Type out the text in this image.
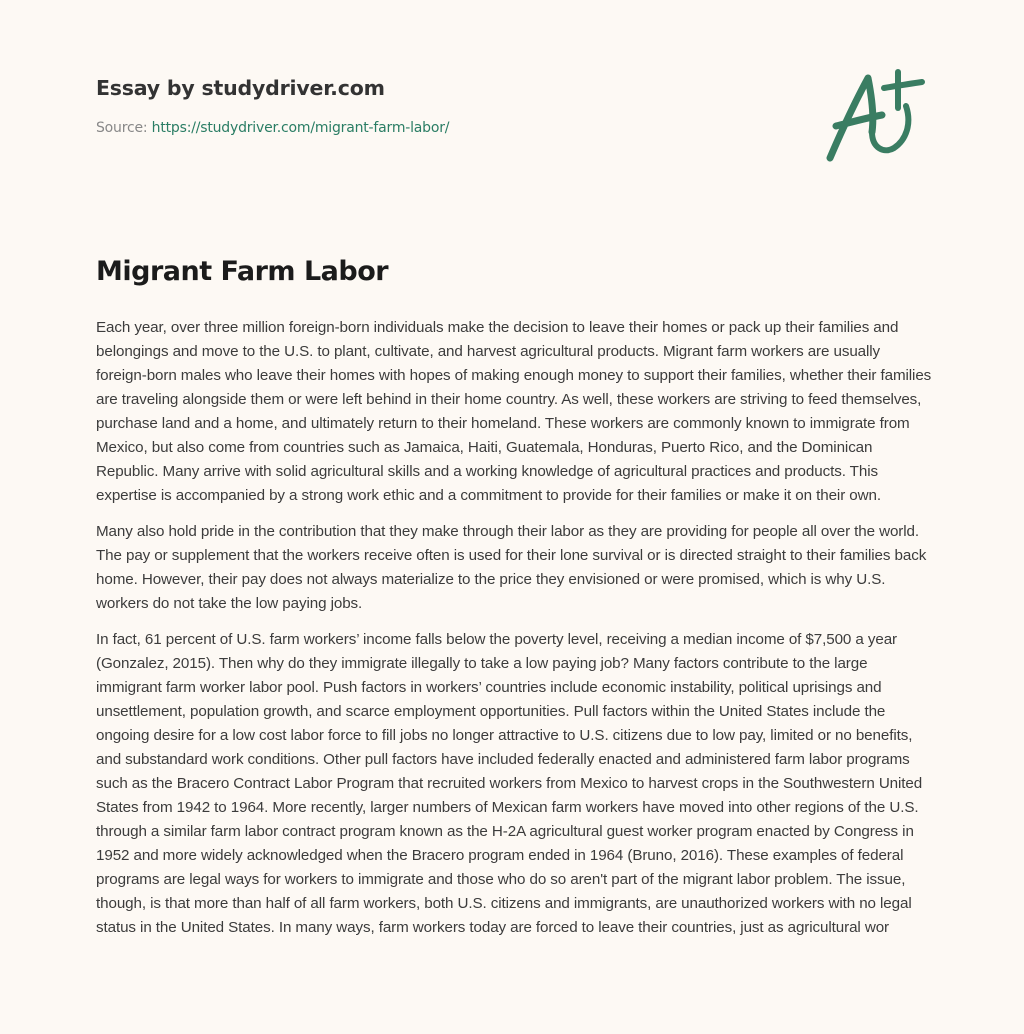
Essay by studydriver.com
Source: https://studydriver.com/migrant-farm-labor/
Migrant Farm Labor

Each year, over three million foreign-born individuals make the decision to leave their homes or pack up their families and belongings and move to the U.S. to plant, cultivate, and harvest agricultural products. Migrant farm workers are usually foreign-born males who leave their homes with hopes of making enough money to support their families, whether their families are traveling alongside them or were left behind in their home country. As well, these workers are striving to feed themselves, purchase land and a home, and ultimately return to their homeland. These workers are commonly known to immigrate from Mexico, but also come from countries such as Jamaica, Haiti, Guatemala, Honduras, Puerto Rico, and the Dominican Republic. Many arrive with solid agricultural skills and a working knowledge of agricultural practices and products. This expertise is accompanied by a strong work ethic and a commitment to provide for their families or make it on their own.

Many also hold pride in the contribution that they make through their labor as they are providing for people all over the world. The pay or supplement that the workers receive often is used for their lone survival or is directed straight to their families back home. However, their pay does not always materialize to the price they envisioned or were promised, which is why U.S. workers do not take the low paying jobs.

In fact, 61 percent of U.S. farm workers’ income falls below the poverty level, receiving a median income of $7,500 a year (Gonzalez, 2015). Then why do they immigrate illegally to take a low paying job? Many factors contribute to the large immigrant farm worker labor pool. Push factors in workers’ countries include economic instability, political uprisings and unsettlement, population growth, and scarce employment opportunities. Pull factors within the United States include the ongoing desire for a low cost labor force to fill jobs no longer attractive to U.S. citizens due to low pay, limited or no benefits, and substandard work conditions. Other pull factors have included federally enacted and administered farm labor programs such as the Bracero Contract Labor Program that recruited workers from Mexico to harvest crops in the Southwestern United States from 1942 to 1964. More recently, larger numbers of Mexican farm workers have moved into other regions of the U.S. through a similar farm labor contract program known as the H-2A agricultural guest worker program enacted by Congress in 1952 and more widely acknowledged when the Bracero program ended in 1964 (Bruno, 2016). These examples of federal programs are legal ways for workers to immigrate and those who do so aren't part of the migrant labor problem. The issue, though, is that more than half of all farm workers, both U.S. citizens and immigrants, are unauthorized workers with no legal status in the United States. In many ways, farm workers today are forced to leave their countries, just as agricultural wor
